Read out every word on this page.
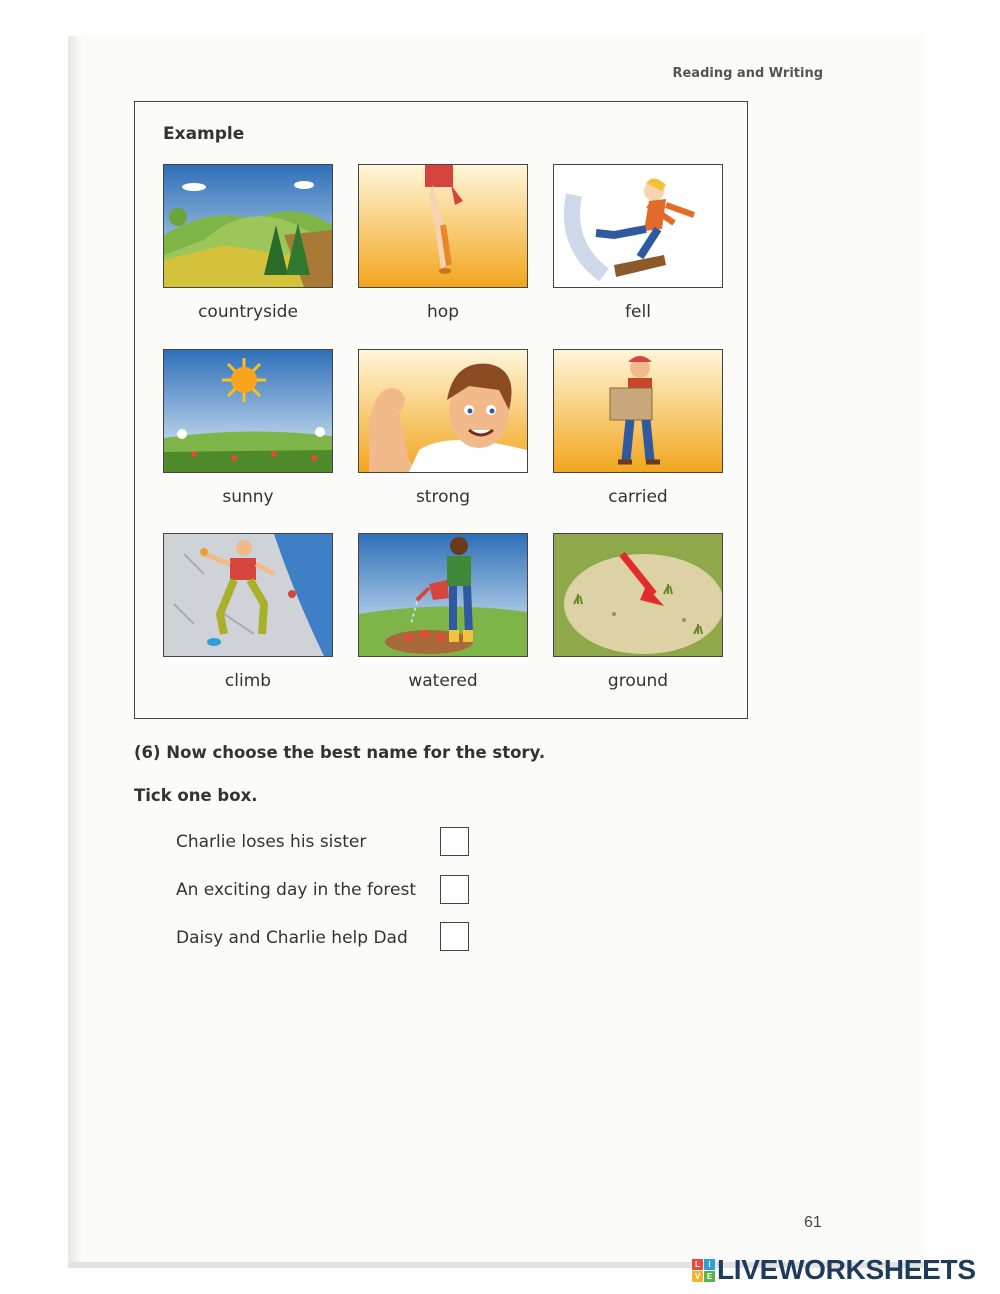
Reading and Writing
Example
countryside	hop	fell
sunny	strong	carried
climb	watered	ground
(6) Now choose the best name for the story.
Tick one box.
Charlie loses his sister
An exciting day in the forest
Daisy and Charlie help Dad
61
L	I
V E LIVEWORKSHEETS
